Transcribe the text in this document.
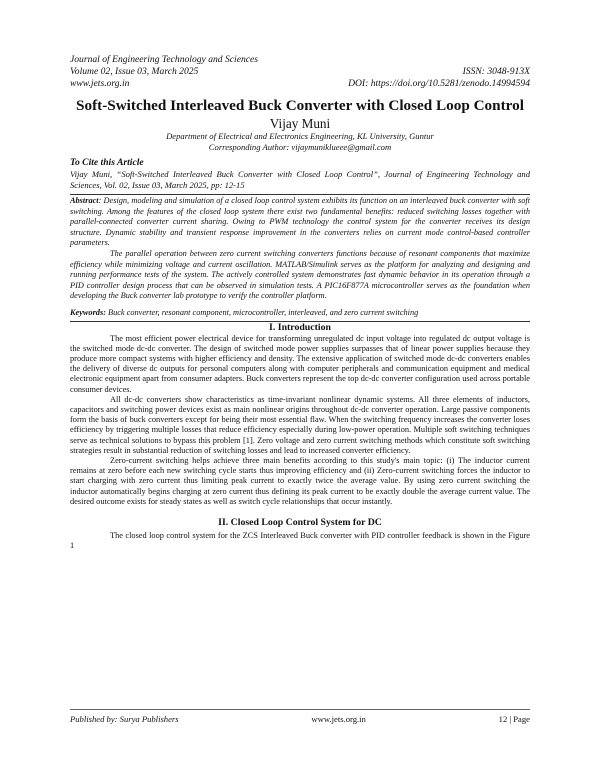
Journal of Engineering Technology and Sciences
Volume 02, Issue 03, March 2025	ISSN: 3048-913X
www.jets.org.in	DOI: https://doi.org/10.5281/zenodo.14994594
Soft-Switched Interleaved Buck Converter with Closed Loop Control
Vijay Muni
Department of Electrical and Electronics Engineering, KL University, Guntur
Corresponding Author: vijaymuniklueee@gmail.com
To Cite this Article
Vijay Muni, “Soft-Switched Interleaved Buck Converter with Closed Loop Control”, Journal of Engineering Technology and Sciences, Vol. 02, Issue 03, March 2025, pp: 12-15
Abstract: Design, modeling and simulation of a closed loop control system exhibits its function on an interleaved buck converter with soft switching. Among the features of the closed loop system there exist two fundamental benefits: reduced switching losses together with parallel-connected converter current sharing. Owing to PWM technology the control system for the converter receives its design structure. Dynamic stability and transient response improvement in the converters relies on current mode control-based controller parameters.
The parallel operation between zero current switching converters functions because of resonant components that maximize efficiency while minimizing voltage and current oscillation. MATLAB/Simulink serves as the platform for analyzing and designing and running performance tests of the system. The actively controlled system demonstrates fast dynamic behavior in its operation through a PID controller design process that can be observed in simulation tests. A PIC16F877A microcontroller serves as the foundation when developing the Buck converter lab prototype to verify the controller platform.
Keywords: Buck converter, resonant component, microcontroller, interleaved, and zero current switching
I. Introduction

The most efficient power electrical device for transforming unregulated dc input voltage into regulated dc output voltage is the switched mode dc-dc converter. The design of switched mode power supplies surpasses that of linear power supplies because they produce more compact systems with higher efficiency and density. The extensive application of switched mode dc-dc converters enables the delivery of diverse dc outputs for personal computers along with computer peripherals and communication equipment and medical electronic equipment apart from consumer adapters. Buck converters represent the top dc-dc converter configuration used across portable consumer devices.

All dc-dc converters show characteristics as time-invariant nonlinear dynamic systems. All three elements of inductors, capacitors and switching power devices exist as main nonlinear origins throughout dc-dc converter operation. Large passive components form the basis of buck converters except for being their most essential flaw. When the switching frequency increases the converter loses efficiency by triggering multiple losses that reduce efficiency especially during low-power operation. Multiple soft switching techniques serve as technical solutions to bypass this problem [1]. Zero voltage and zero current switching methods which constitute soft switching strategies result in substantial reduction of switching losses and lead to increased converter efficiency.

Zero-current switching helps achieve three main benefits according to this study's main topic: (i) The inductor current remains at zero before each new switching cycle starts thus improving efficiency and (ii) Zero-current switching forces the inductor to start charging with zero current thus limiting peak current to exactly twice the average value. By using zero current switching the inductor automatically begins charging at zero current thus defining its peak current to be exactly double the average current value. The desired outcome exists for steady states as well as switch cycle relationships that occur instantly.

II. Closed Loop Control System for DC

The closed loop control system for the ZCS Interleaved Buck converter with PID controller feedback is shown in the Figure 1

Published by: Surya Publishers	www.jets.org.in	12 | Page
